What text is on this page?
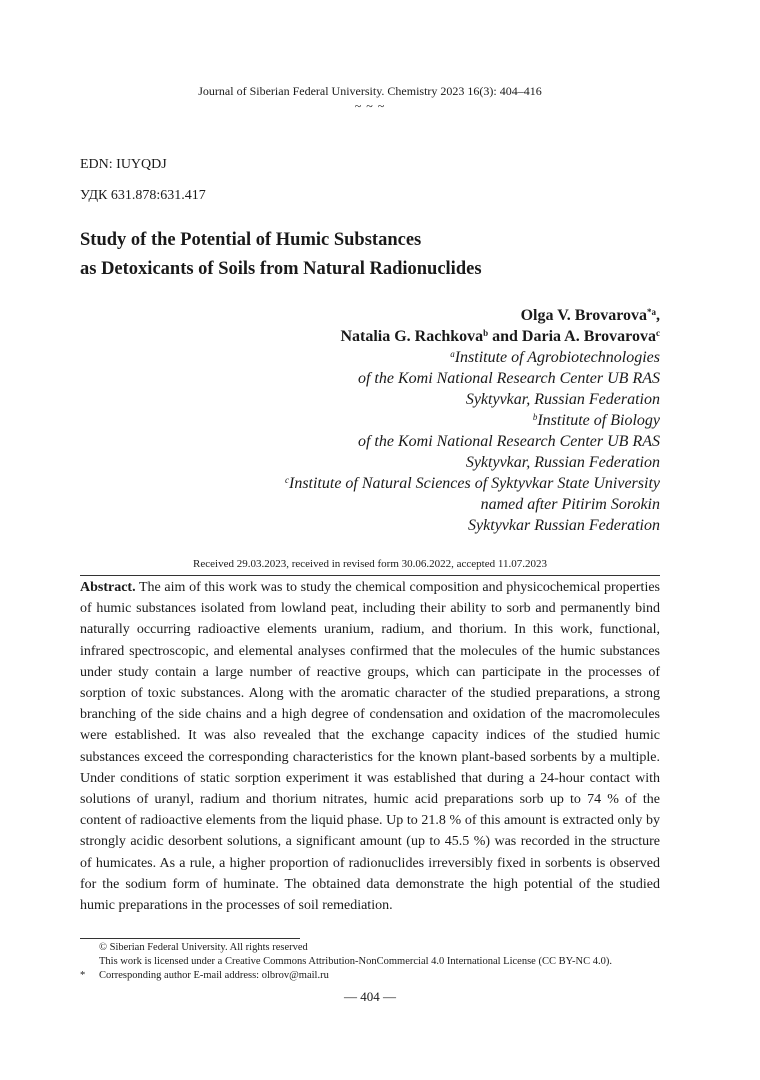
Journal of Siberian Federal University. Chemistry 2023 16(3): 404–416
~ ~ ~
EDN: IUYQDJ
УДК 631.878:631.417
Study of the Potential of Humic Substances
as Detoxicants of Soils from Natural Radionuclides
Olga V. Brovarova$^{*a}$,
Natalia G. Rachkova$^b$ and Daria A. Brovarova$^c$
$^a$Institute of Agrobiotechnologies
of the Komi National Research Center UB RAS
Syktyvkar, Russian Federation
$^b$Institute of Biology
of the Komi National Research Center UB RAS
Syktyvkar, Russian Federation
$^c$Institute of Natural Sciences of Syktyvkar State University
named after Pitirim Sorokin
Syktyvkar Russian Federation
Received 29.03.2023, received in revised form 30.06.2022, accepted 11.07.2023
Abstract. The aim of this work was to study the chemical composition and physicochemical properties of humic substances isolated from lowland peat, including their ability to sorb and permanently bind naturally occurring radioactive elements uranium, radium, and thorium. In this work, functional, infrared spectroscopic, and elemental analyses confirmed that the molecules of the humic substances under study contain a large number of reactive groups, which can participate in the processes of sorption of toxic substances. Along with the aromatic character of the studied preparations, a strong branching of the side chains and a high degree of condensation and oxidation of the macromolecules were established. It was also revealed that the exchange capacity indices of the studied humic substances exceed the corresponding characteristics for the known plant-based sorbents by a multiple. Under conditions of static sorption experiment it was established that during a 24-hour contact with solutions of uranyl, radium and thorium nitrates, humic acid preparations sorb up to 74 % of the content of radioactive elements from the liquid phase. Up to 21.8 % of this amount is extracted only by strongly acidic desorbent solutions, a significant amount (up to 45.5 %) was recorded in the structure of humicates. As a rule, a higher proportion of radionuclides irreversibly fixed in sorbents is observed for the sodium form of huminate. The obtained data demonstrate the high potential of the studied humic preparations in the processes of soil remediation.
© Siberian Federal University. All rights reserved
This work is licensed under a Creative Commons Attribution-NonCommercial 4.0 International License (CC BY-NC 4.0).
* Corresponding author E-mail address: olbrov@mail.ru
— 404 —
